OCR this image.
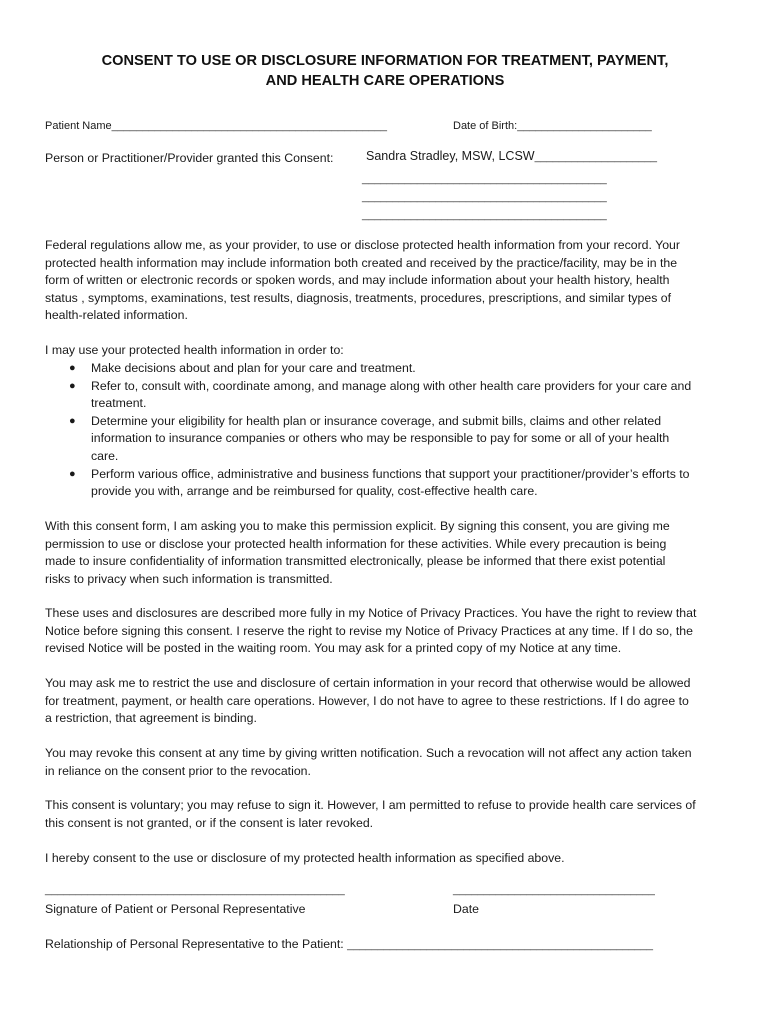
CONSENT TO USE OR DISCLOSURE INFORMATION FOR TREATMENT, PAYMENT,
AND HEALTH CARE OPERATIONS
Patient Name_____________________________________________	Date of Birth:______________________
Person or Practitioner/Provider granted this Consent:	Sandra Stradley, MSW, LCSW____________________
________________________________________
________________________________________
________________________________________
Federal regulations allow me, as your provider, to use or disclose protected health information from your record. Your
protected health information may include information both created and received by the practice/facility, may be in the
form of written or electronic records or spoken words, and may include information about your health history, health
status , symptoms, examinations, test results, diagnosis, treatments, procedures, prescriptions, and similar types of
health-related information.
I may use your protected health information in order to:
● Make decisions about and plan for your care and treatment.
● Refer to, consult with, coordinate among, and manage along with other health care providers for your care and
treatment.
● Determine your eligibility for health plan or insurance coverage, and submit bills, claims and other related
information to insurance companies or others who may be responsible to pay for some or all of your health
care.
● Perform various office, administrative and business functions that support your practitioner/provider’s efforts to
provide you with, arrange and be reimbursed for quality, cost-effective health care.
With this consent form, I am asking you to make this permission explicit. By signing this consent, you are giving me
permission to use or disclose your protected health information for these activities. While every precaution is being
made to insure confidentiality of information transmitted electronically, please be informed that there exist potential
risks to privacy when such information is transmitted.
These uses and disclosures are described more fully in my Notice of Privacy Practices. You have the right to review that
Notice before signing this consent. I reserve the right to revise my Notice of Privacy Practices at any time. If I do so, the
revised Notice will be posted in the waiting room. You may ask for a printed copy of my Notice at any time.
You may ask me to restrict the use and disclosure of certain information in your record that otherwise would be allowed
for treatment, payment, or health care operations. However, I do not have to agree to these restrictions. If I do agree to
a restriction, that agreement is binding.
You may revoke this consent at any time by giving written notification. Such a revocation will not affect any action taken
in reliance on the consent prior to the revocation.
This consent is voluntary; you may refuse to sign it. However, I am permitted to refuse to provide health care services of
this consent is not granted, or if the consent is later revoked.
I hereby consent to the use or disclosure of my protected health information as specified above.
_________________________________________________	_________________________________
Signature of Patient or Personal Representative	Date
Relationship of Personal Representative to the Patient: __________________________________________________
